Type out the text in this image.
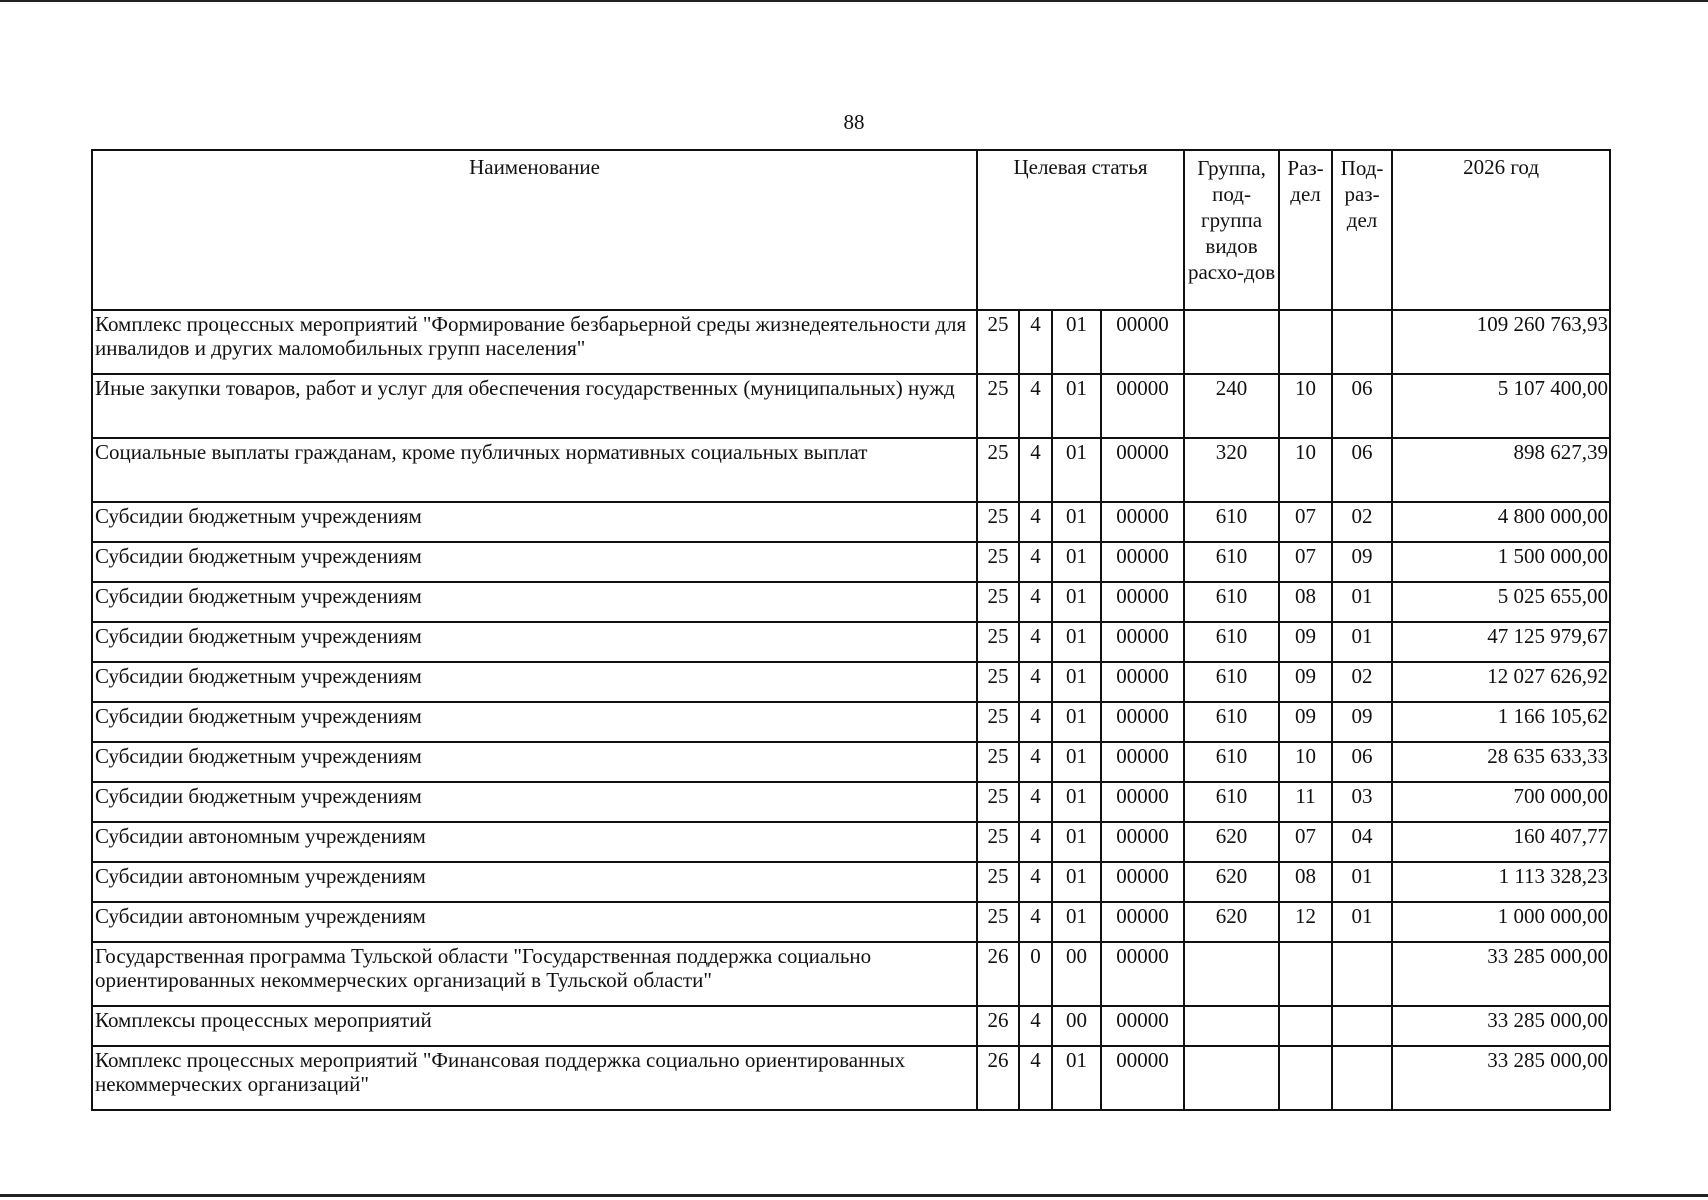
88
Наименование	Целевая статья				Группа, под-группа видов расхо-дов	Раз-дел	Под-раз-дел	2026 год
Комплекс процессных мероприятий "Формирование безбарьерной среды жизнедеятельности для инвалидов и других маломобильных групп населения"	25	4	01	00000				109 260 763,93
Иные закупки товаров, работ и услуг для обеспечения государственных (муниципальных) нужд	25	4	01	00000	240	10	06	5 107 400,00
Социальные выплаты гражданам, кроме публичных нормативных социальных выплат	25	4	01	00000	320	10	06	898 627,39
Субсидии бюджетным учреждениям	25	4	01	00000	610	07	02	4 800 000,00
Субсидии бюджетным учреждениям	25	4	01	00000	610	07	09	1 500 000,00
Субсидии бюджетным учреждениям	25	4	01	00000	610	08	01	5 025 655,00
Субсидии бюджетным учреждениям	25	4	01	00000	610	09	01	47 125 979,67
Субсидии бюджетным учреждениям	25	4	01	00000	610	09	02	12 027 626,92
Субсидии бюджетным учреждениям	25	4	01	00000	610	09	09	1 166 105,62
Субсидии бюджетным учреждениям	25	4	01	00000	610	10	06	28 635 633,33
Субсидии бюджетным учреждениям	25	4	01	00000	610	11	03	700 000,00
Субсидии автономным учреждениям	25	4	01	00000	620	07	04	160 407,77
Субсидии автономным учреждениям	25	4	01	00000	620	08	01	1 113 328,23
Субсидии автономным учреждениям	25	4	01	00000	620	12	01	1 000 000,00
Государственная программа Тульской области "Государственная поддержка социально ориентированных некоммерческих организаций в Тульской области"	26	0	00	00000				33 285 000,00
Комплексы процессных мероприятий	26	4	00	00000				33 285 000,00
Комплекс процессных мероприятий "Финансовая поддержка социально ориентированных некоммерческих организаций"	26	4	01	00000				33 285 000,00
